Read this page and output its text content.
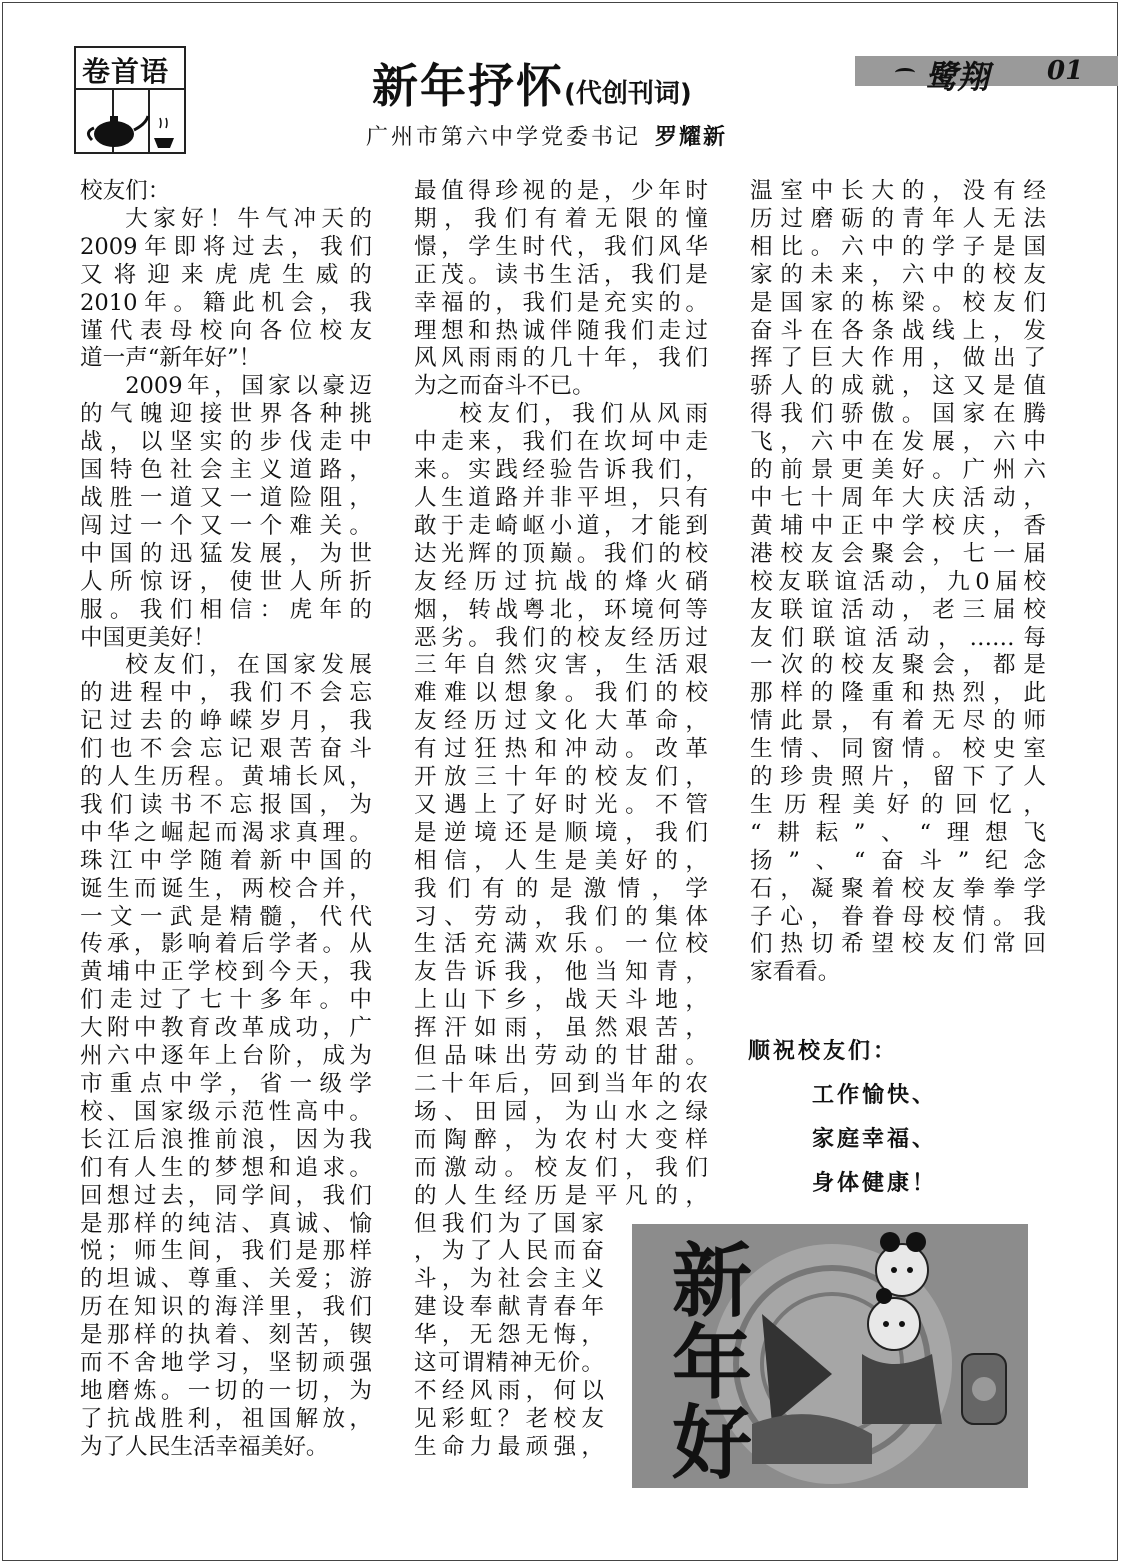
卷首语	鹭翔 01
新年抒怀(代创刊词)
广州市第六中学党委书记 罗耀新

校友们：

大家好！牛气冲天的

2009年即将过去，我们

又将迎来虎虎生威的

2010年。籍此机会，我

谨代表母校向各位校友

道一声“新年好”！

2009年，国家以豪迈

的气魄迎接世界各种挑

战，以坚实的步伐走中

国特色社会主义道路，

战胜一道又一道险阻，

闯过一个又一个难关。

中国的迅猛发展，为世

人所惊讶，使世人所折

服。我们相信：虎年的

中国更美好！

校友们，在国家发展

的进程中，我们不会忘

记过去的峥嵘岁月，我

们也不会忘记艰苦奋斗

的人生历程。黄埔长风，

我们读书不忘报国，为

中华之崛起而渴求真理。

珠江中学随着新中国的

诞生而诞生，两校合并，

一文一武是精髓，代代

传承，影响着后学者。从

黄埔中正学校到今天，我

们走过了七十多年。中

大附中教育改革成功，广

州六中逐年上台阶，成为

市重点中学，省一级学

校、国家级示范性高中。

长江后浪推前浪，因为我

们有人生的梦想和追求。

回想过去，同学间，我们

是那样的纯洁、真诚、愉

悦；师生间，我们是那样

的坦诚、尊重、关爱；游

历在知识的海洋里，我们

是那样的执着、刻苦，锲

而不舍地学习，坚韧顽强

地磨炼。一切的一切，为

了抗战胜利，祖国解放，

为了人民生活幸福美好。

最值得珍视的是，少年时

期，我们有着无限的憧

憬，学生时代，我们风华

正茂。读书生活，我们是

幸福的，我们是充实的。

理想和热诚伴随我们走过

风风雨雨的几十年，我们

为之而奋斗不已。

校友们，我们从风雨

中走来，我们在坎坷中走

来。实践经验告诉我们，

人生道路并非平坦，只有

敢于走崎岖小道，才能到

达光辉的顶巅。我们的校

友经历过抗战的烽火硝

烟，转战粤北，环境何等

恶劣。我们的校友经历过

三年自然灾害，生活艰

难难以想象。我们的校

友经历过文化大革命，

有过狂热和冲动。改革

开放三十年的校友们，

又遇上了好时光。不管

是逆境还是顺境，我们

相信，人生是美好的，

我们有的是激情，学

习、劳动，我们的集体

生活充满欢乐。一位校

友告诉我，他当知青，

上山下乡，战天斗地，

挥汗如雨，虽然艰苦，

但品味出劳动的甘甜。

二十年后，回到当年的农

场、田园，为山水之绿

而陶醉，为农村大变样

而激动。校友们，我们

的人生经历是平凡的，

但我们为了国家

，为了人民而奋

斗，为社会主义

建设奉献青春年

华，无怨无悔，

这可谓精神无价。

不经风雨，何以

见彩虹？老校友

生命力最顽强，

温室中长大的，没有经

历过磨砺的青年人无法

相比。六中的学子是国

家的未来，六中的校友

是国家的栋梁。校友们

奋斗在各条战线上，发

挥了巨大作用，做出了

骄人的成就，这又是值

得我们骄傲。国家在腾

飞，六中在发展，六中

的前景更美好。广州六

中七十周年大庆活动，

黄埔中正中学校庆，香

港校友会聚会，七一届

校友联谊活动，九0届校

友联谊活动，老三届校

友们联谊活动，……每

一次的校友聚会，都是

那样的隆重和热烈，此

情此景，有着无尽的师

生情、同窗情。校史室

的珍贵照片，留下了人

生历程美好的回忆，

“耕耘”、“理想飞

扬”、“奋斗”纪念

石，凝聚着校友拳拳学

子心，眷眷母校情。我

们热切希望校友们常回

家看看。

顺祝校友们：
工作愉快、
家庭幸福、
身体健康！
新
年
好
